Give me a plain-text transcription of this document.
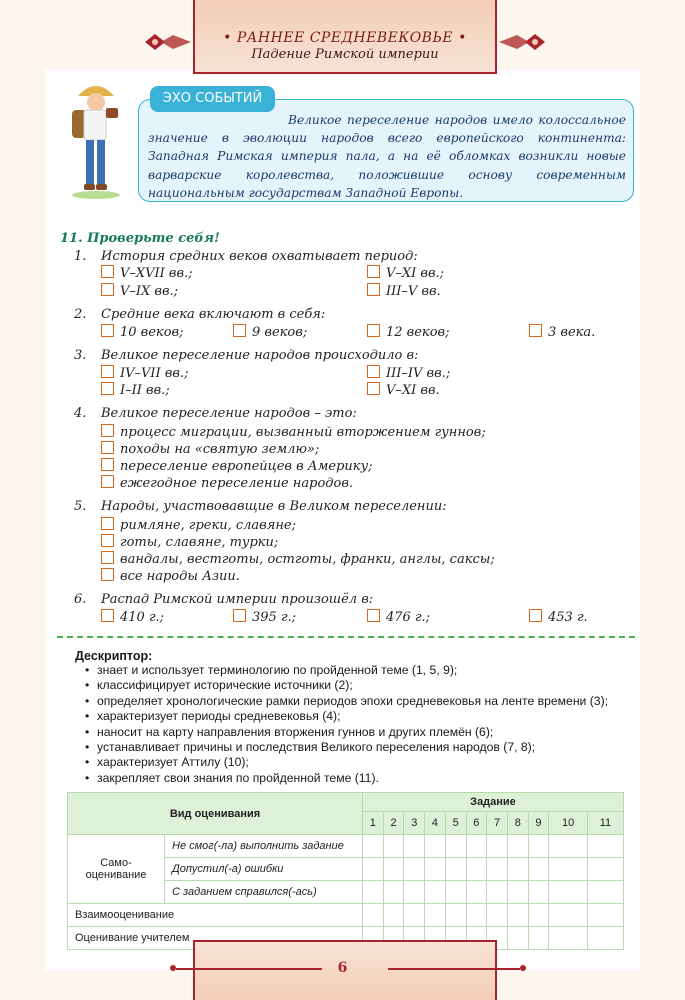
• РАННЕЕ СРЕДНЕВЕКОВЬЕ •
Падение Римской империи
ЭХО СОБЫТИЙ
Великое переселение народов имело колоссальное значение в эволюции народов всего европейского континента: Западная Римская империя пала, а на её обломках возникли новые варварские королевства, положившие основу современным национальным государствам Западной Европы.
11. Проверьте себя!
1. История средних веков охватывает период:
V–XVII вв.;	V–XI вв.;
V–IX вв.;	III–V вв.
2. Средние века включают в себя:
10 веков;	9 веков;	12 веков;	3 века.
3. Великое переселение народов происходило в:
IV–VII вв.;	III–IV вв.;
I–II вв.;	V–XI вв.
4. Великое переселение народов – это:
процесс миграции, вызванный вторжением гуннов;
походы на «святую землю»;
переселение европейцев в Америку;
ежегодное переселение народов.
5. Народы, участвовавщие в Великом переселении:
римляне, греки, славяне;
готы, славяне, турки;
вандалы, вестготы, остготы, франки, англы, саксы;
все народы Азии.
6. Распад Римской империи произошёл в:
410 г.;	395 г.;	476 г.;	453 г.
Дескриптор:
• знает и использует терминологию по пройденной теме (1, 5, 9);
• классифицирует исторические источники (2);
• определяет хронологические рамки периодов эпохи средневековья на ленте времени (3);
• характеризует периоды средневековья (4);
• наносит на карту направления вторжения гуннов и других племён (6);
• устанавливает причины и последствия Великого переселения народов (7, 8);
• характеризует Аттилу (10);
• закрепляет свои знания по пройденной теме (11).
Вид оценивания		Задание										
		1	2	3	4	5	6	7	8	9	10	11
Само-оценивание	Не смог(-ла) выполнить задание											
	Допустил(-а) ошибки											
	С заданием справился(-ась)											
Взаимооценивание												
Оценивание учителем												
6
